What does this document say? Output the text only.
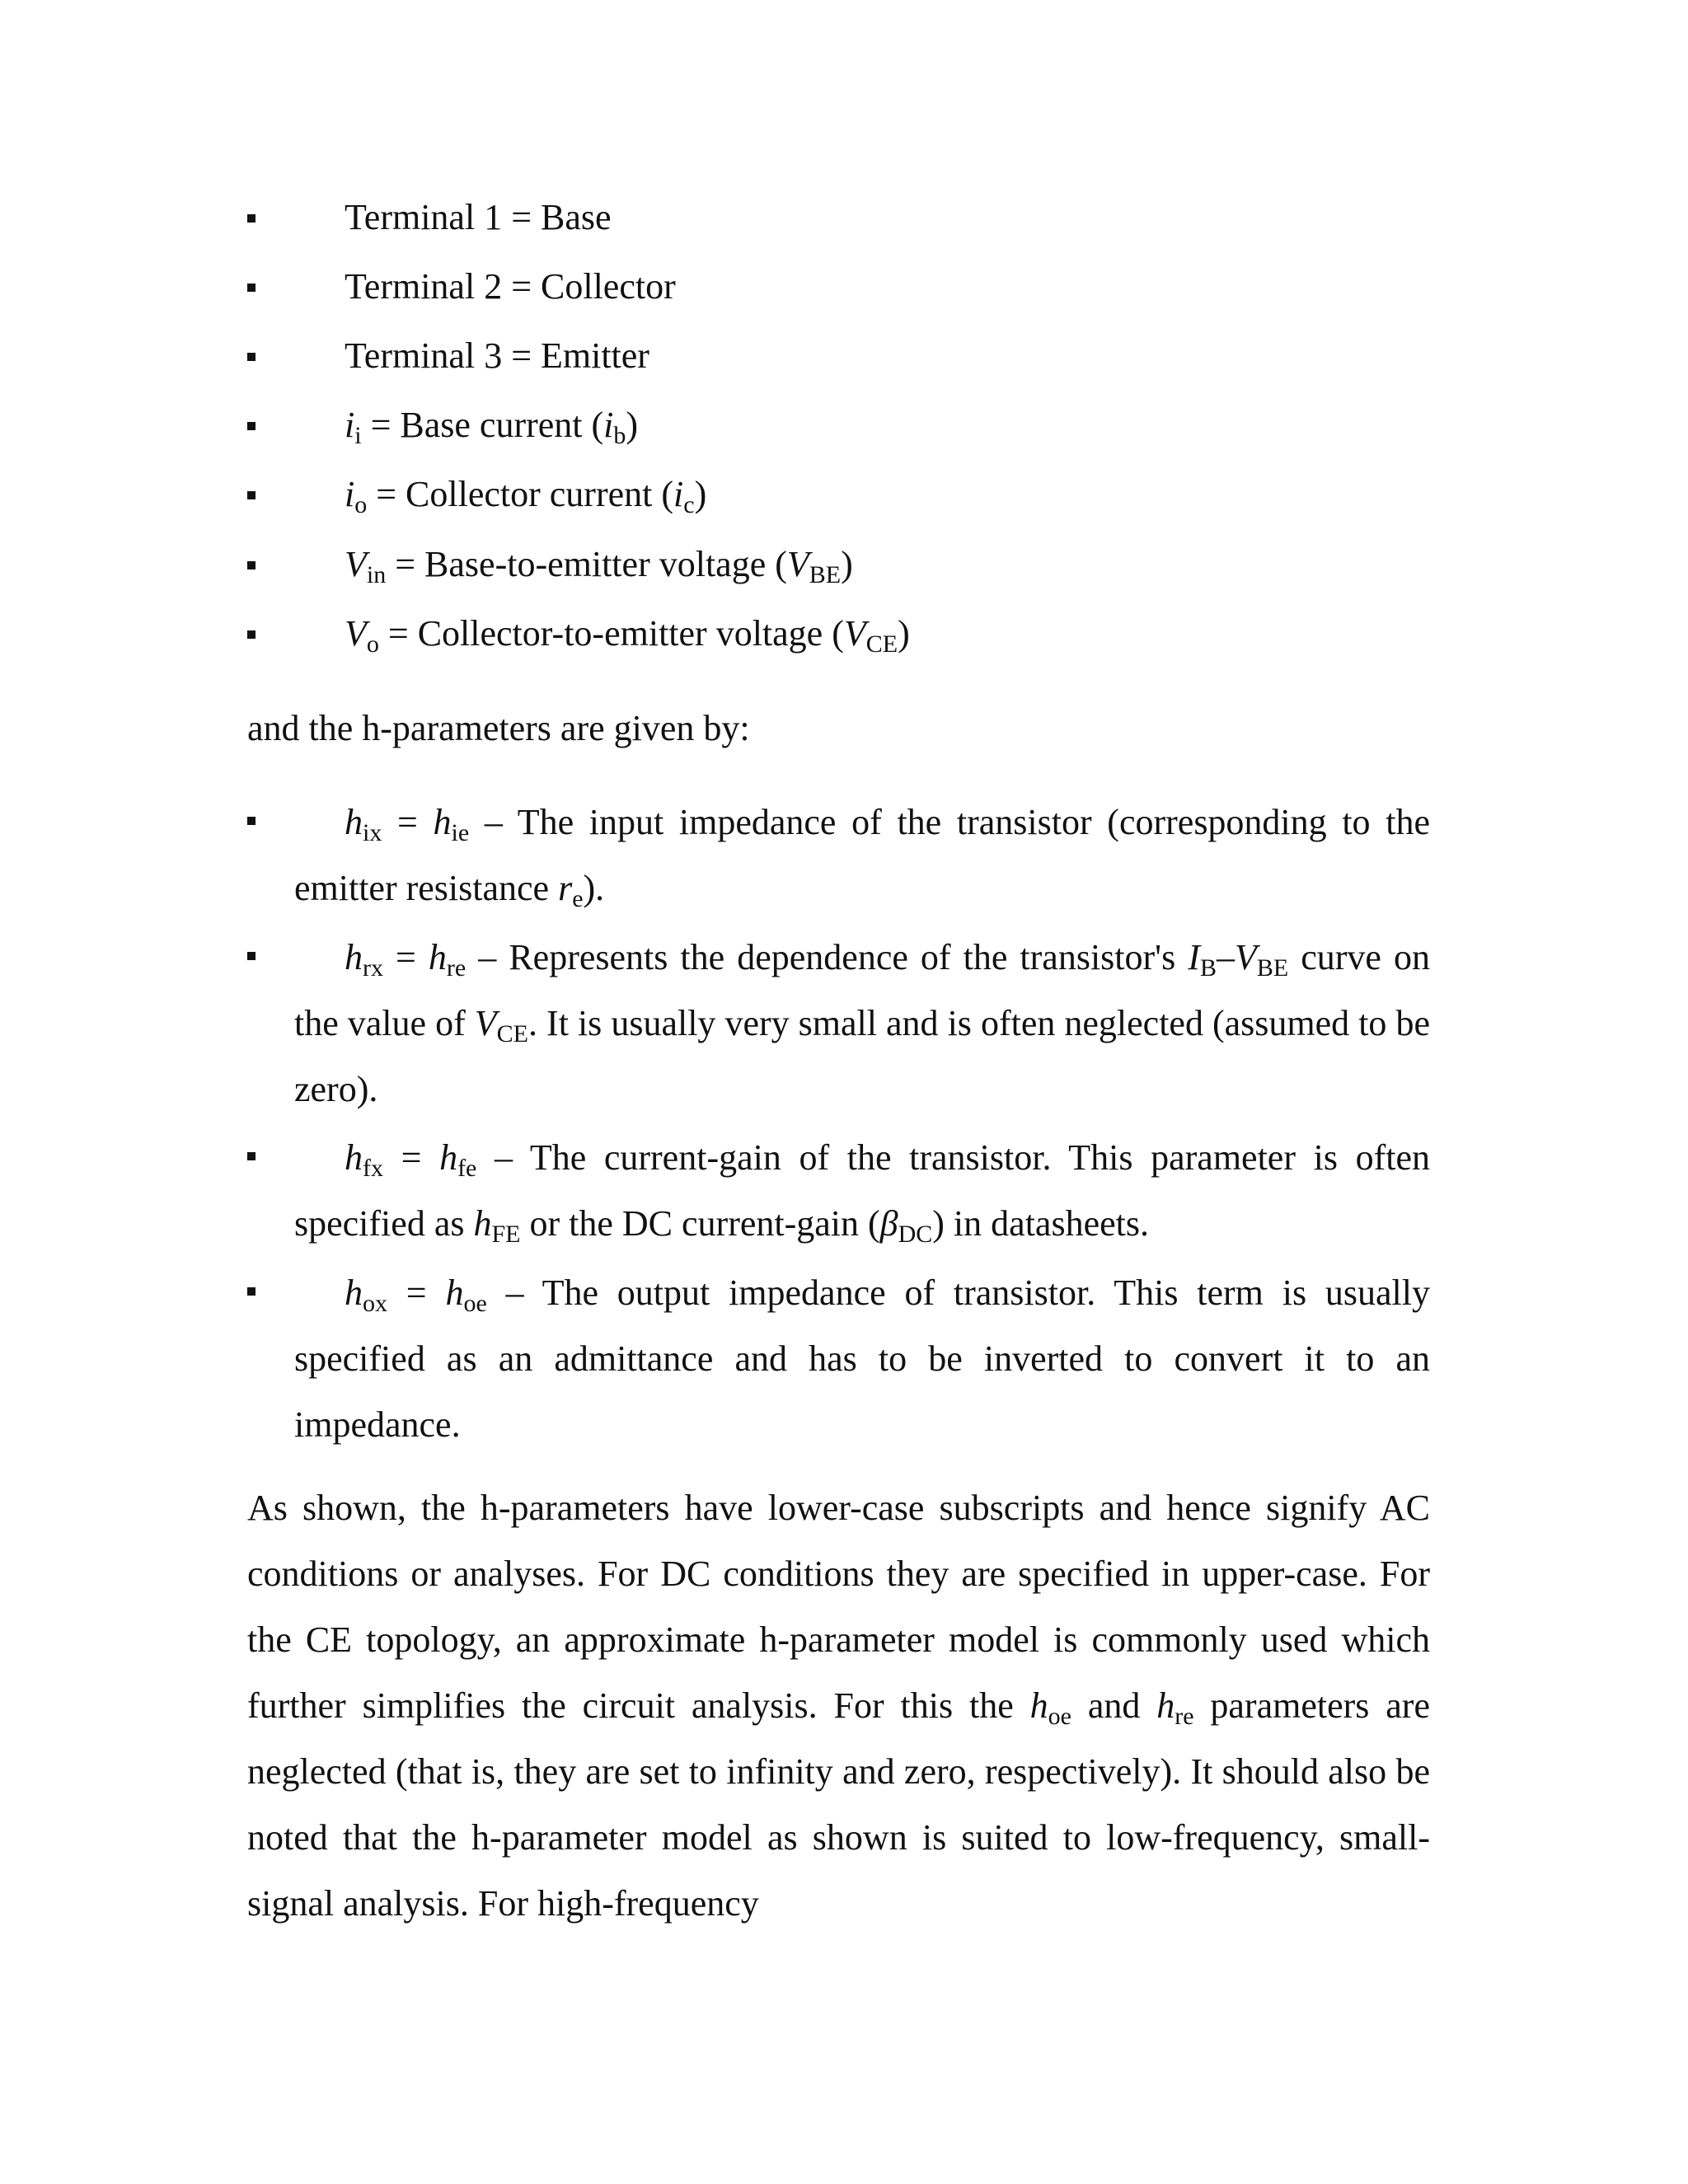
Terminal 1 = Base
Terminal 2 = Collector
Terminal 3 = Emitter
$i_i$ = Base current $(i_b)$
$i_o$ = Collector current $(i_c)$
$V_{in}$ = Base-to-emitter voltage $(V_{BE})$
$V_o$ = Collector-to-emitter voltage $(V_{CE})$
and the h-parameters are given by:
$h_{ix} = h_{ie}$ – The input impedance of the transistor (corresponding to the emitter resistance $r_e$).
$h_{rx} = h_{re}$ – Represents the dependence of the transistor's $I_B-V_{BE}$ curve on the value of $V_{CE}$. It is usually very small and is often neglected (assumed to be zero).
$h_{fx} = h_{fe}$ – The current-gain of the transistor. This parameter is often specified as $h_{FE}$ or the DC current-gain $(\beta_{DC})$ in datasheets.
$h_{ox} = h_{oe}$ – The output impedance of transistor. This term is usually specified as an admittance and has to be inverted to convert it to an impedance.
As shown, the h-parameters have lower-case subscripts and hence signify AC conditions or analyses. For DC conditions they are specified in upper-case. For the CE topology, an approximate h-parameter model is commonly used which further simplifies the circuit analysis. For this the $h_{oe}$ and $h_{re}$ parameters are neglected (that is, they are set to infinity and zero, respectively). It should also be noted that the h-parameter model as shown is suited to low-frequency, small-signal analysis. For high-frequency
